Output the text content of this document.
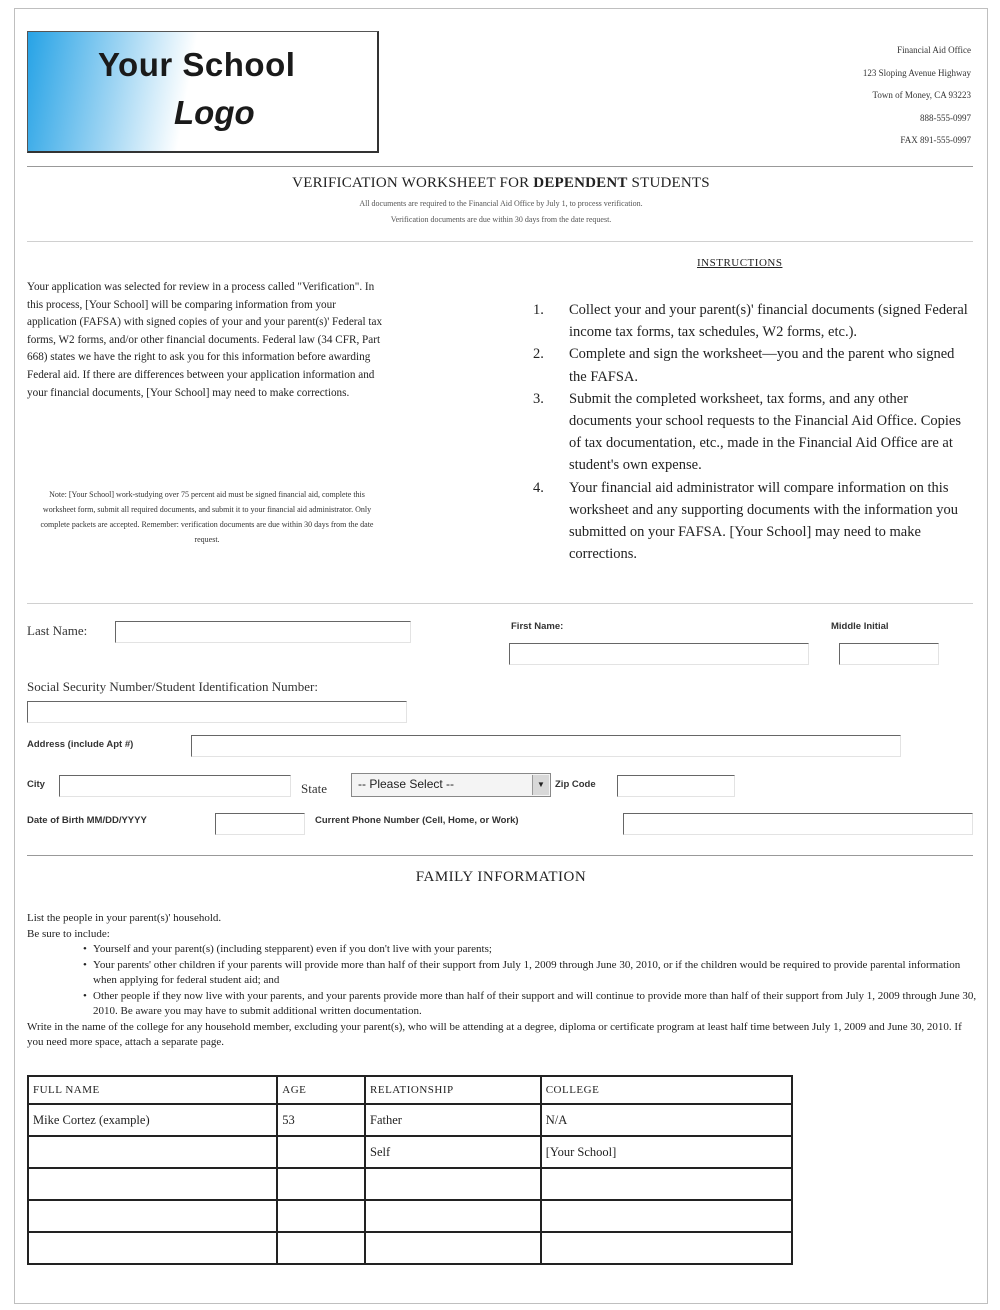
Your School
Logo
Financial Aid Office
123 Sloping Avenue Highway
Town of Money, CA 93223
888-555-0997
FAX 891-555-0997
VERIFICATION WORKSHEET FOR DEPENDENT STUDENTS
All documents are required to the Financial Aid Office by July 1, to process verification.
Verification documents are due within 30 days from the date request.
Your application was selected for review in a process called "Verification". In this process, [Your School] will be comparing information from your application (FAFSA) with signed copies of your and your parent(s)' Federal tax forms, W2 forms, and/or other financial documents. Federal law (34 CFR, Part 668) states we have the right to ask you for this information before awarding Federal aid. If there are differences between your application information and your financial documents, [Your School] may need to make corrections.
Note: [Your School] work-studying over 75 percent aid must be signed financial aid, complete this worksheet form, submit all required documents, and submit it to your financial aid administrator. Only complete packets are accepted. Remember: verification documents are due within 30 days from the date request.
INSTRUCTIONS
1. Collect your and your parent(s)' financial documents (signed Federal income tax forms, tax schedules, W2 forms, etc.).
2. Complete and sign the worksheet—you and the parent who signed the FAFSA.
3. Submit the completed worksheet, tax forms, and any other documents your school requests to the Financial Aid Office. Copies of tax documentation, etc., made in the Financial Aid Office are at student's own expense.
4. Your financial aid administrator will compare information on this worksheet and any supporting documents with the information you submitted on your FAFSA. [Your School] may need to make corrections.
Last Name:	First Name:	Middle Initial
Social Security Number/Student Identification Number:
Address (include Apt #)
City	State	-- Please Select --	▼	Zip Code
Date of Birth MM/DD/YYYY	Current Phone Number (Cell, Home, or Work)
FAMILY INFORMATION
List the people in your parent(s)' household.
Be sure to include:
• Yourself and your parent(s) (including stepparent) even if you don't live with your parents;
• Your parents' other children if your parents will provide more than half of their support from July 1, 2009 through June 30, 2010, or if the children would be required to provide parental information when applying for federal student aid; and
• Other people if they now live with your parents, and your parents provide more than half of their support and will continue to provide more than half of their support from July 1, 2009 through June 30, 2010. Be aware you may have to submit additional written documentation.
Write in the name of the college for any household member, excluding your parent(s), who will be attending at a degree, diploma or certificate program at least half time between July 1, 2009 and June 30, 2010. If you need more space, attach a separate page.
FULL NAME	AGE	RELATIONSHIP	COLLEGE
Mike Cortez (example)	53	Father	N/A
		Self	[Your School]
